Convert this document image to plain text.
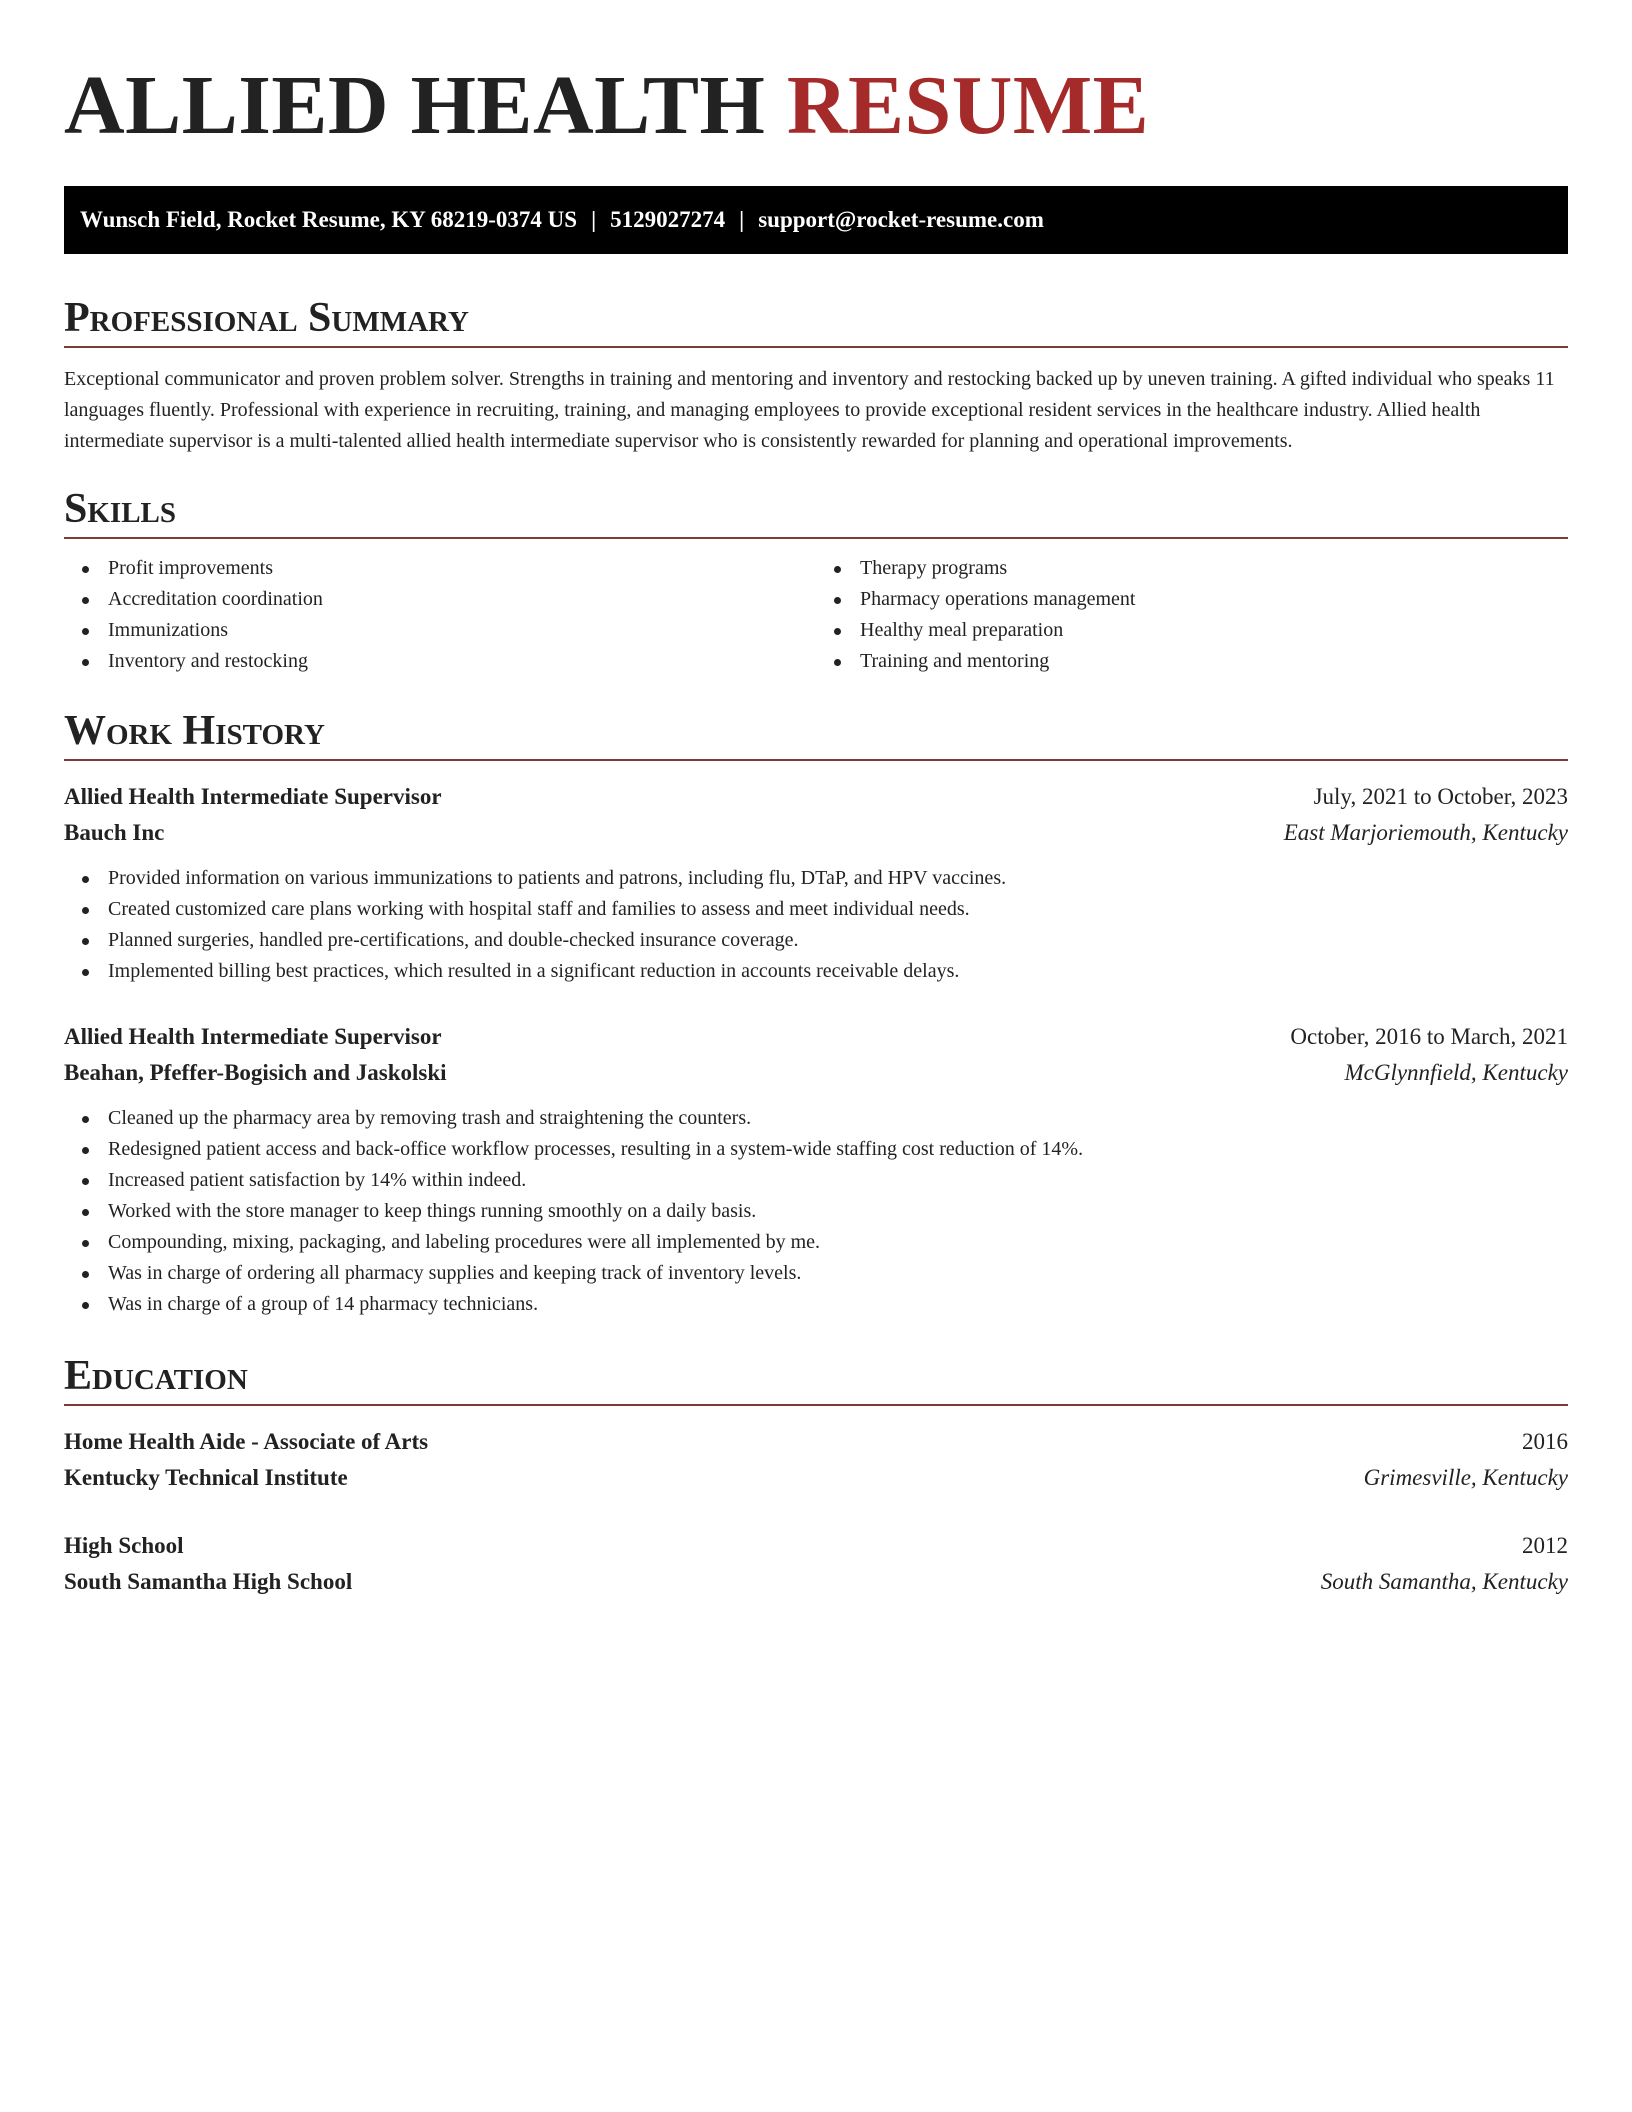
ALLIED HEALTH RESUME
Wunsch Field, Rocket Resume, KY 68219-0374 US | 5129027274 | support@rocket-resume.com
Professional Summary

Exceptional communicator and proven problem solver. Strengths in training and mentoring and inventory and restocking backed up by uneven training. A gifted individual who speaks 11 languages fluently. Professional with experience in recruiting, training, and managing employees to provide exceptional resident services in the healthcare industry. Allied health intermediate supervisor is a multi-talented allied health intermediate supervisor who is consistently rewarded for planning and operational improvements.

Skills
Profit improvements
Accreditation coordination
Immunizations
Inventory and restocking
Therapy programs
Pharmacy operations management
Healthy meal preparation
Training and mentoring
Work History
Allied Health Intermediate Supervisor	July, 2021 to October, 2023
Bauch Inc	East Marjoriemouth, Kentucky
Provided information on various immunizations to patients and patrons, including flu, DTaP, and HPV vaccines.
Created customized care plans working with hospital staff and families to assess and meet individual needs.
Planned surgeries, handled pre-certifications, and double-checked insurance coverage.
Implemented billing best practices, which resulted in a significant reduction in accounts receivable delays.
Allied Health Intermediate Supervisor	October, 2016 to March, 2021
Beahan, Pfeffer-Bogisich and Jaskolski	McGlynnfield, Kentucky
Cleaned up the pharmacy area by removing trash and straightening the counters.
Redesigned patient access and back-office workflow processes, resulting in a system-wide staffing cost reduction of 14%.
Increased patient satisfaction by 14% within indeed.
Worked with the store manager to keep things running smoothly on a daily basis.
Compounding, mixing, packaging, and labeling procedures were all implemented by me.
Was in charge of ordering all pharmacy supplies and keeping track of inventory levels.
Was in charge of a group of 14 pharmacy technicians.
Education
Home Health Aide - Associate of Arts	2016
Kentucky Technical Institute	Grimesville, Kentucky
High School	2012
South Samantha High School	South Samantha, Kentucky
